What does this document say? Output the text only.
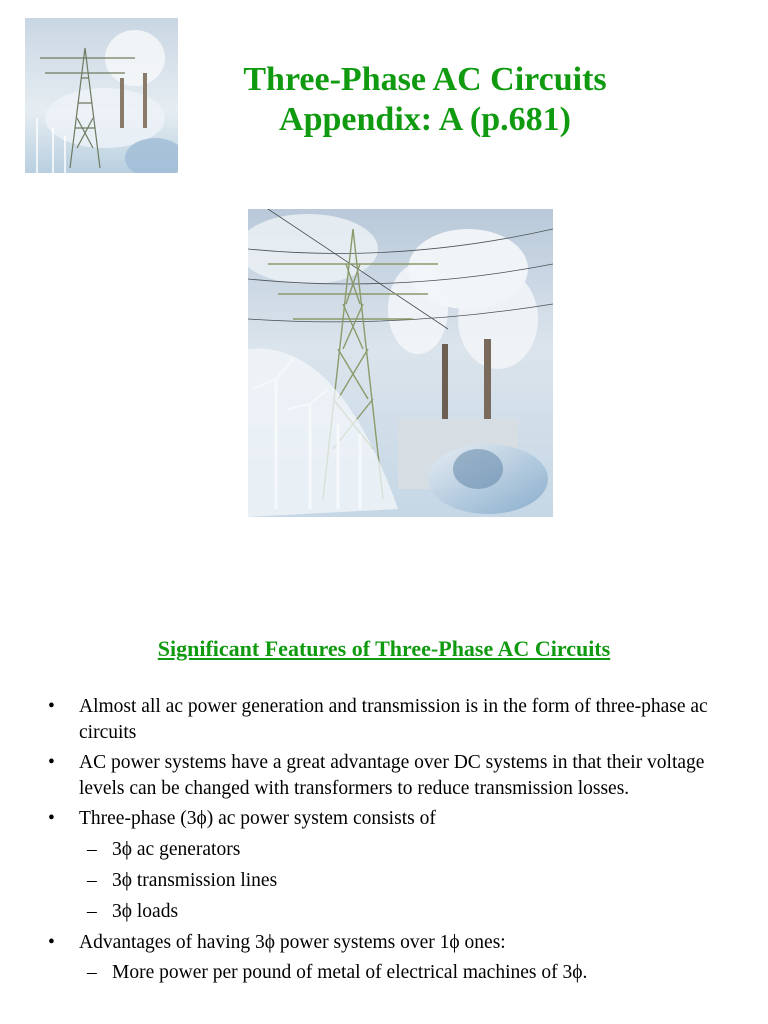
Three-Phase AC Circuits
Appendix: A (p.681)
Significant Features of Three-Phase AC Circuits
• Almost all ac power generation and transmission is in the form of three-phase ac circuits
• AC power systems have a great advantage over DC systems in that their voltage levels can be changed with transformers to reduce transmission losses.
• Three-phase (3ϕ) ac power system consists of
– 3ϕ ac generators
– 3ϕ transmission lines
– 3ϕ loads
• Advantages of having 3ϕ power systems over 1ϕ ones:
– More power per pound of metal of electrical machines of 3ϕ.
